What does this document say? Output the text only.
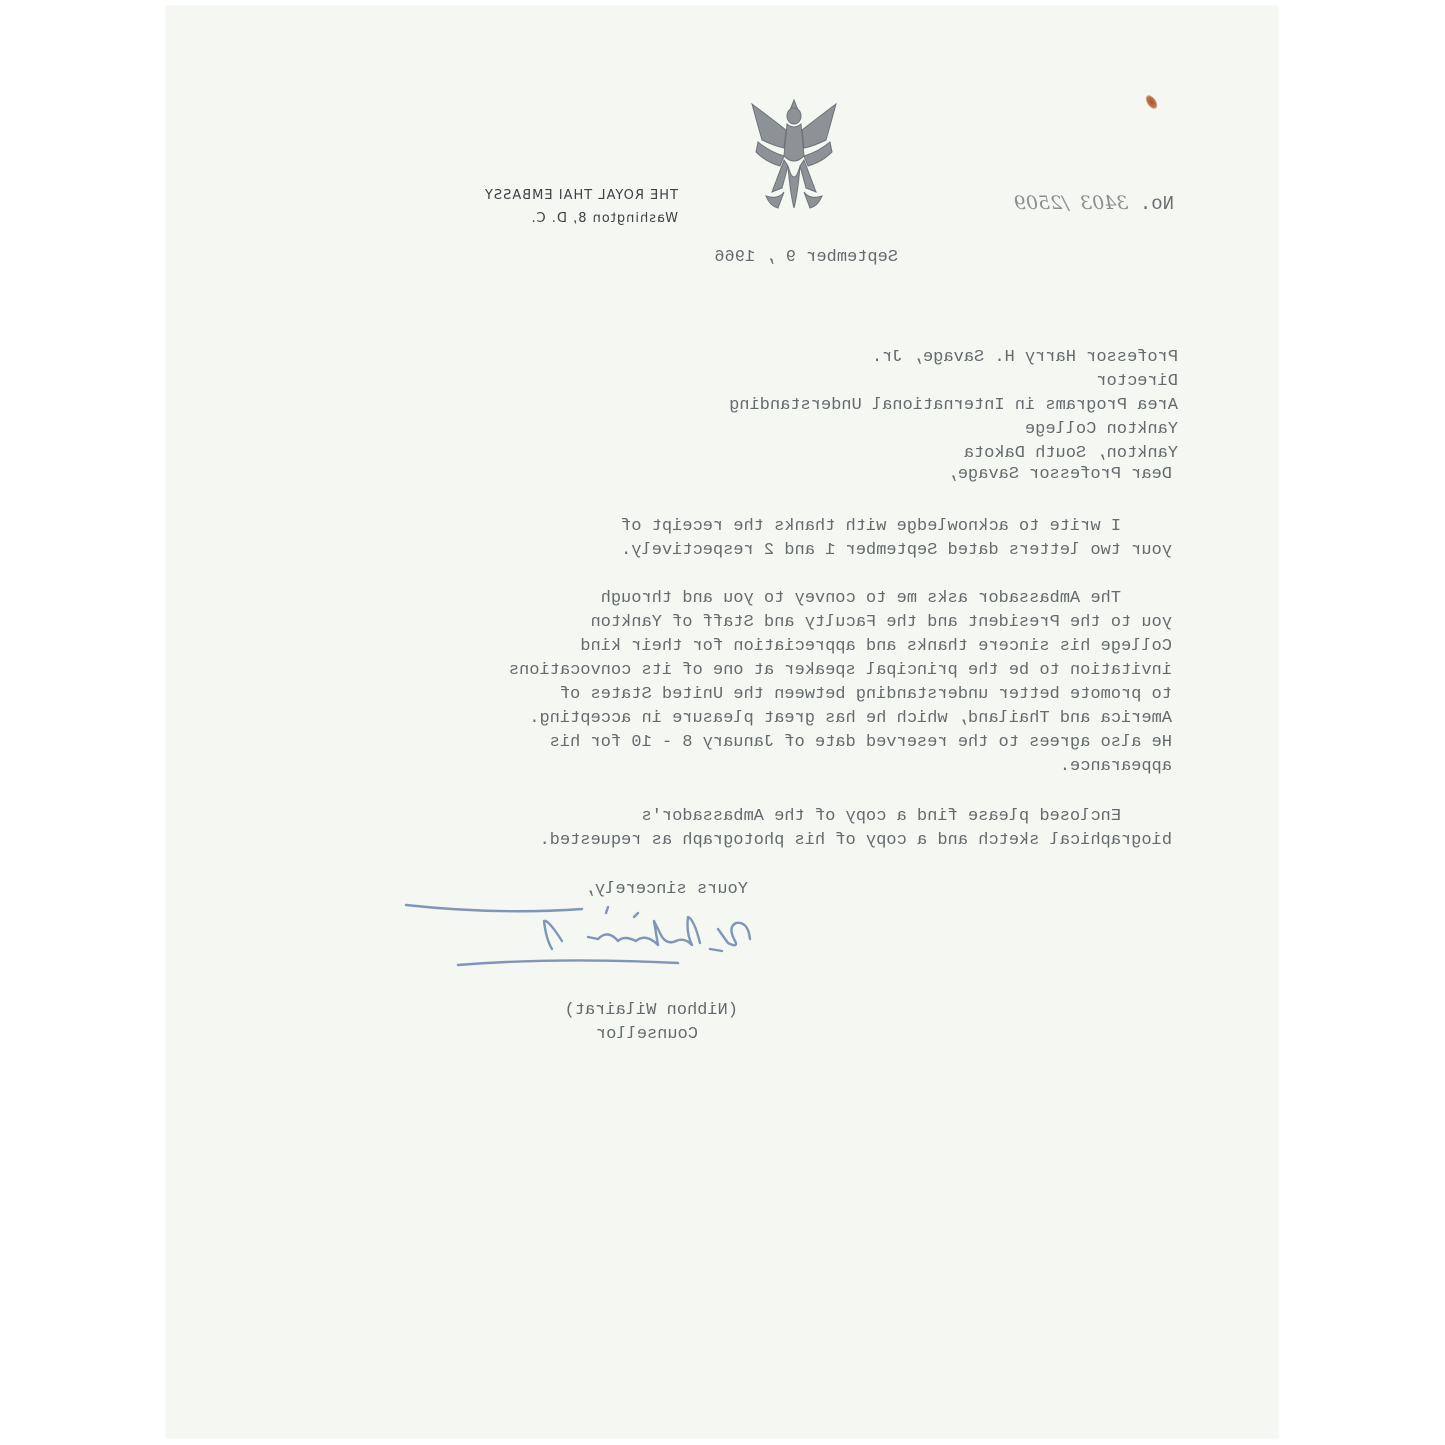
THE ROYAL THAI EMBASSY
Washington 8, D. C.
No. 3403 /2509
September 9 , 1966
Professor Harry H. Savage, Jr.
Director
Area Programs in International Understanding
Yankton College
Yankton, South Dakota
Dear Professor Savage,
I write to acknowledge with thanks the receipt of
your two letters dated September 1 and 2 respectively.
The Ambassador asks me to convey to you and through
you to the President and the Faculty and Staff of Yankton
College his sincere thanks and appreciation for their kind
invitation to be the principal speaker at one of its convocations
to promote better understanding between the United States of
America and Thailand, which he has great pleasure in accepting.
He also agrees to the reserved date of January 8 - 10 for his
appearance.
Enclosed please find a copy of the Ambassador's
biographical sketch and a copy of his photograph as requested.
Yours sincerely,
(Nibhon Wilairat)
Counsellor
